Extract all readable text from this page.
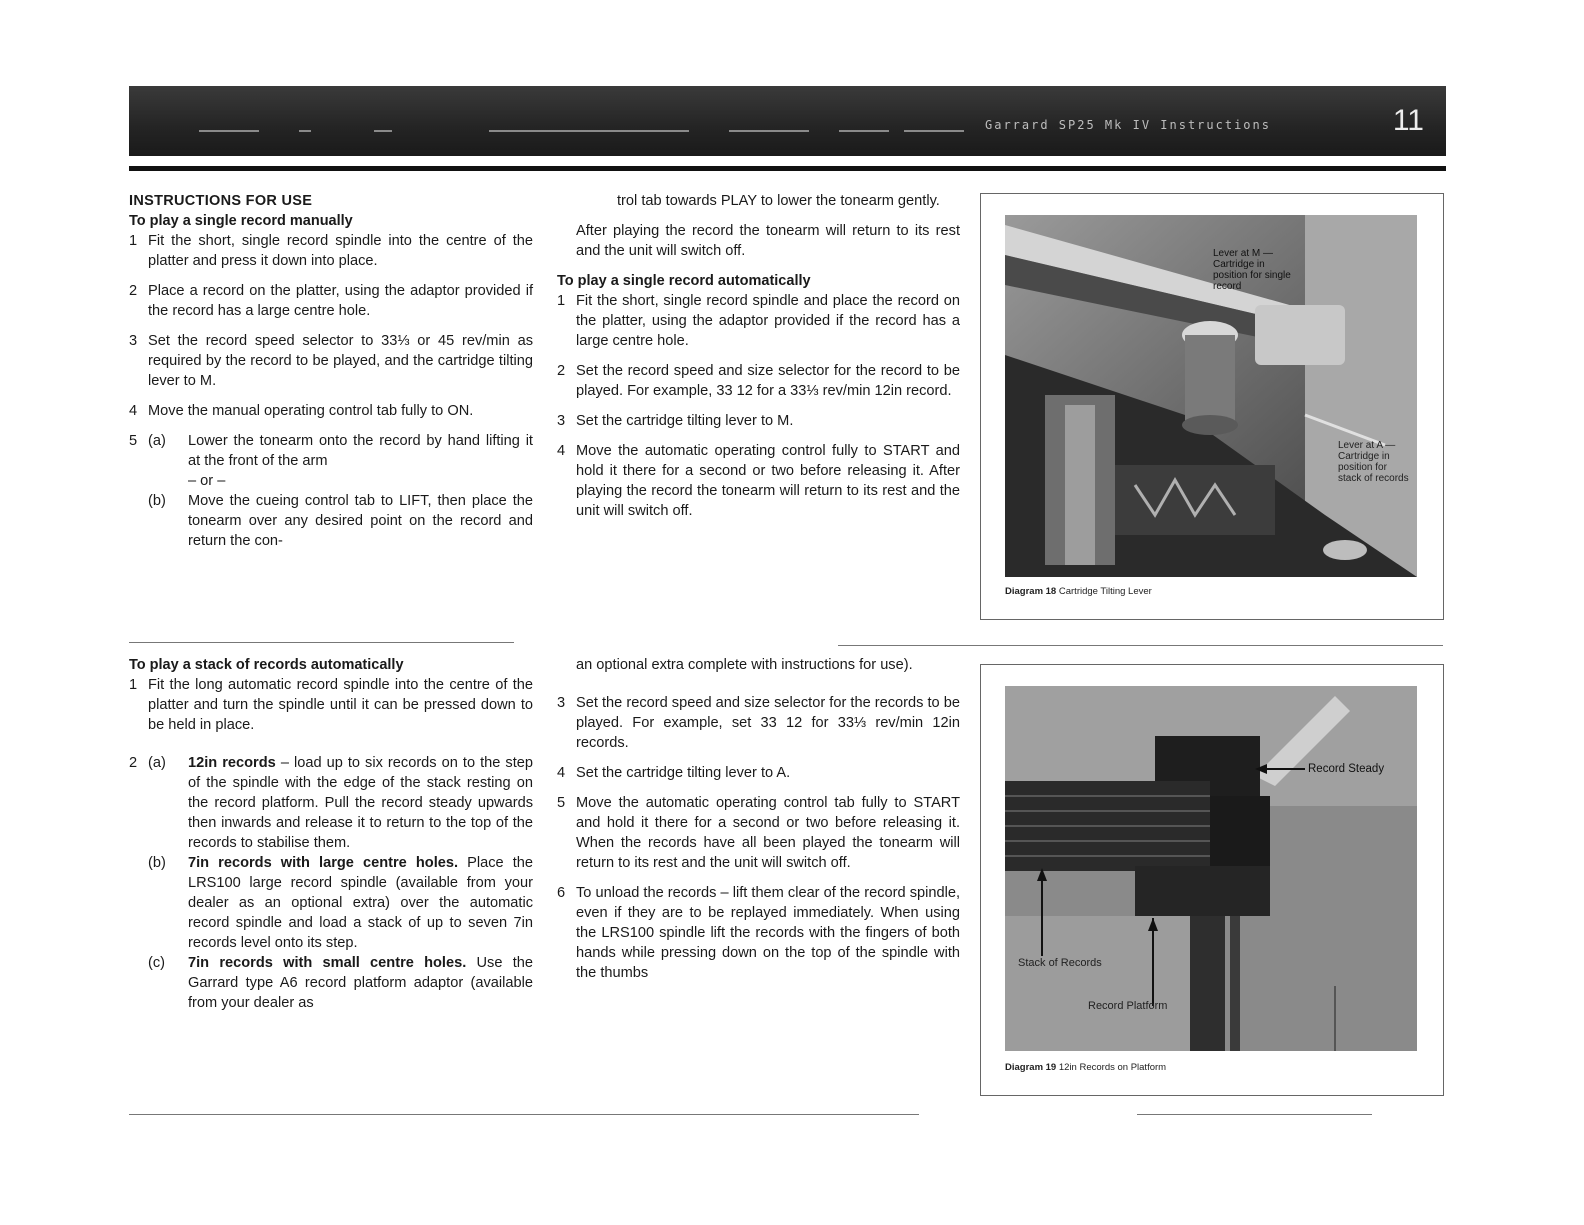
11
Garrard SP25 Mk IV Instructions
INSTRUCTIONS FOR USE
To play a single record manually
1 Fit the short, single record spindle into the centre of the platter and press it down into place.
2 Place a record on the platter, using the adaptor provided if the record has a large centre hole.
3 Set the record speed selector to 33⅓ or 45 rev/min as required by the record to be played, and the cartridge tilting lever to M.
4 Move the manual operating control tab fully to ON.
5 (a)	Lower the tonearm onto the record by hand lifting it at the front of the arm
– or –
(b)	Move the cueing control tab to LIFT, then place the tonearm over any desired point on the record and return the con-
trol tab towards PLAY to lower the tonearm gently.
After playing the record the tonearm will return to its rest and the unit will switch off.
To play a single record automatically
1 Fit the short, single record spindle and place the record on the platter, using the adaptor provided if the record has a large centre hole.
2 Set the record speed and size selector for the record to be played. For example, 33 12 for a 33⅓ rev/min 12in record.
3 Set the cartridge tilting lever to M.
4 Move the automatic operating control fully to START and hold it there for a second or two before releasing it. After playing the record the tonearm will return to its rest and the unit will switch off.
To play a stack of records automatically
1 Fit the long automatic record spindle into the centre of the platter and turn the spindle until it can be pressed down to be held in place.
2 (a)	12in records – load up to six records on to the step of the spindle with the edge of the stack resting on the record platform. Pull the record steady upwards then inwards and release it to return to the top of the records to stabilise them.
(b)	7in records with large centre holes. Place the LRS100 large record spindle (available from your dealer as an optional extra) over the automatic record spindle and load a stack of up to seven 7in records level onto its step.
(c)	7in records with small centre holes. Use the Garrard type A6 record platform adaptor (available from your dealer as
an optional extra complete with instructions for use).
3 Set the record speed and size selector for the records to be played. For example, set 33 12 for 33⅓ rev/min 12in records.
4 Set the cartridge tilting lever to A.
5 Move the automatic operating control tab fully to START and hold it there for a second or two before releasing it. When the records have all been played the tonearm will return to its rest and the unit will switch off.
6 To unload the records – lift them clear of the record spindle, even if they are to be replayed immediately. When using the LRS100 spindle lift the records with the fingers of both hands while pressing down on the top of the spindle with the thumbs
Lever at M — Cartridge in position for single record
Lever at A — Cartridge in position for stack of records
Diagram 18 Cartridge Tilting Lever
Record Steady
Stack of Records
Record Platform
Diagram 19 12in Records on Platform
